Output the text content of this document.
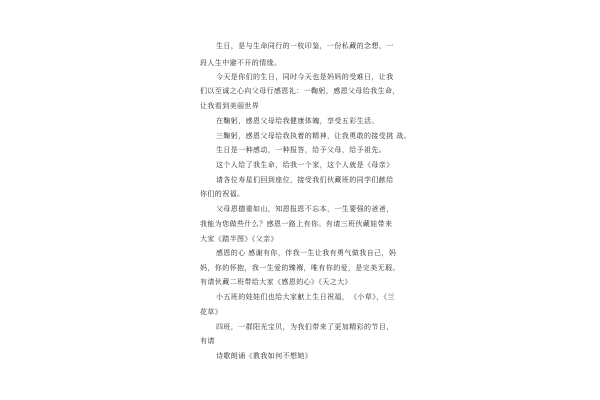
生日，是与生命同行的一枚印鉴，一份私藏的念想，一
段人生中避不开的情缘。
今天是你们的生日，同时今天也是妈妈的受难日，让我
们以至诚之心向父母行感恩礼：一鞠躬，感恩父母给我生命，
让我看到美丽世界
在鞠躬，感恩父母给我健康体魄，享受五彩生活。
三鞠躬，感恩父母给我执着的精神，让我勇敢的接受挑 战。
生日是一种感动，一种报答，给予父母，给予祖先。
这个人给了我生命，给我一个家，这个人就是《母亲》
请各位寿星们回到座位，接受我们伙藏班的同学们献给
你们的祝福。
父母恩德重如山，知恩报恩不忘本，一生要强的爸爸，
我能为您做些什么？感恩一路上有你。有请三班伙藏娃带来
大家《踏半图》《父亲》
感恩的心 感谢有你，伴我一生让我有勇气做我自己，妈
妈，你的怀抱，我一生爱的臻褓，唯有你的爱，是完美无瑕。
有请伙藏二班带给大家《感恩的心》《天之大》
小五班的娃娃们也给大家献上生日祝福， 《小草》，《兰
花草》
四班，一群阳光宝贝，为我们带来了更加精彩的节目，
有请
诗歌朗诵《教我如何不想她》
